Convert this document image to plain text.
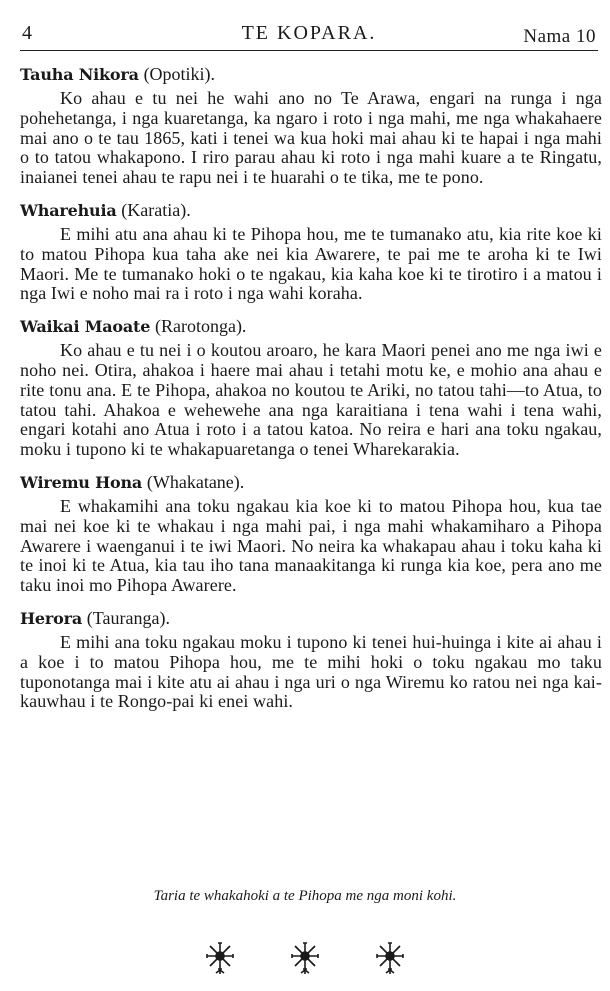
4	TE KOPARA.	Nama 10
Tauha Nikora (Opotiki).

Ko ahau e tu nei he wahi ano no Te Arawa, engari na runga i nga pohehetanga, i nga kuaretanga, ka ngaro i roto i nga mahi, me nga whakahaere mai ano o te tau 1865, kati i tenei wa kua hoki mai ahau ki te hapai i nga mahi o to tatou whakapono. I riro parau ahau ki roto i nga mahi kuare a te Ringatu, inaianei tenei ahau te rapu nei i te huarahi o te tika, me te pono.

Wharehuia (Karatia).

E mihi atu ana ahau ki te Pihopa hou, me te tumanako atu, kia rite koe ki to matou Pihopa kua taha ake nei kia Awarere, te pai me te aroha ki te Iwi Maori. Me te tumanako hoki o te ngakau, kia kaha koe ki te tirotiro i a matou i nga Iwi e noho mai ra i roto i nga wahi koraha.

Waikai Maoate (Rarotonga).

Ko ahau e tu nei i o koutou aroaro, he kara Maori penei ano me nga iwi e noho nei. Otira, ahakoa i haere mai ahau i tetahi motu ke, e mohio ana ahau e rite tonu ana. E te Pihopa, ahakoa no koutou te Ariki, no tatou tahi—to Atua, to tatou tahi. Ahakoa e wehewehe ana nga karaitiana i tena wahi i tena wahi, engari kotahi ano Atua i roto i a tatou katoa. No reira e hari ana toku ngakau, moku i tupono ki te whakapuaretanga o tenei Wharekarakia.

Wiremu Hona (Whakatane).

E whakamihi ana toku ngakau kia koe ki to matou Pihopa hou, kua tae mai nei koe ki te whakau i nga mahi pai, i nga mahi whakamiharo a Pihopa Awarere i waenganui i te iwi Maori. No neira ka whakapau ahau i toku kaha ki te inoi ki te Atua, kia tau iho tana manaakitanga ki runga kia koe, pera ano me taku inoi mo Pihopa Awarere.

Herora (Tauranga).

E mihi ana toku ngakau moku i tupono ki tenei hui-huinga i kite ai ahau i a koe i to matou Pihopa hou, me te mihi hoki o toku ngakau mo taku tuponotanga mai i kite atu ai ahau i nga uri o nga Wiremu ko ratou nei nga kai-kauwhau i te Rongo-pai ki enei wahi.

Taria te whakahoki a te Pihopa me nga moni kohi.
